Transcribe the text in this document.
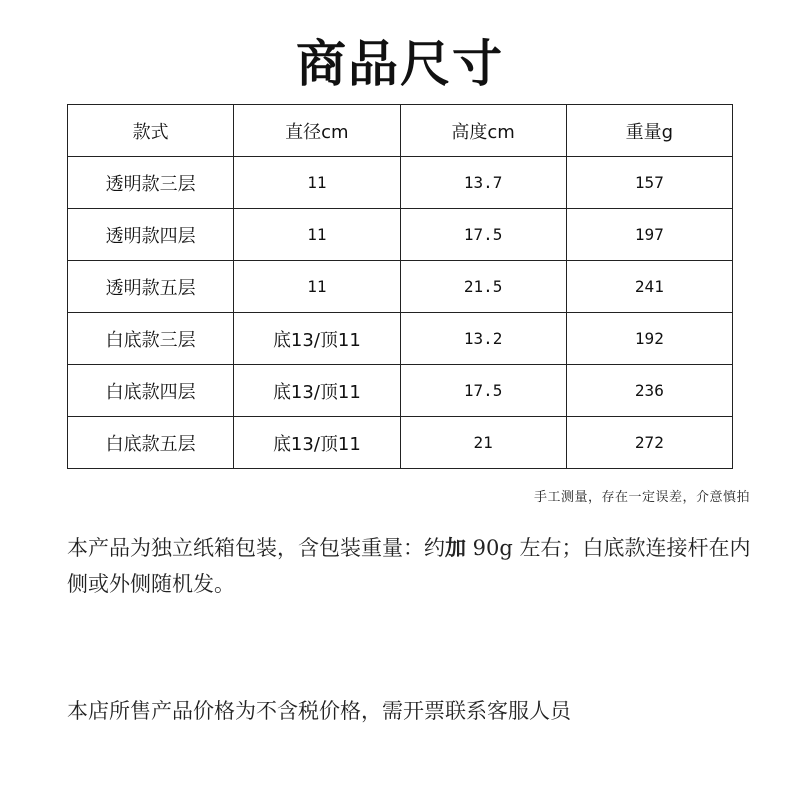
商品尺寸
款式	直径cm	高度cm	重量g
透明款三层	11	13.7	157
透明款四层	11	17.5	197
透明款五层	11	21.5	241
白底款三层	底13/顶11	13.2	192
白底款四层	底13/顶11	17.5	236
白底款五层	底13/顶11	21	272
手工测量，存在一定误差，介意慎拍
本产品为独立纸箱包装，含包装重量：约加 90g 左右；白底款连接杆在内侧或外侧随机发。
本店所售产品价格为不含税价格，需开票联系客服人员
